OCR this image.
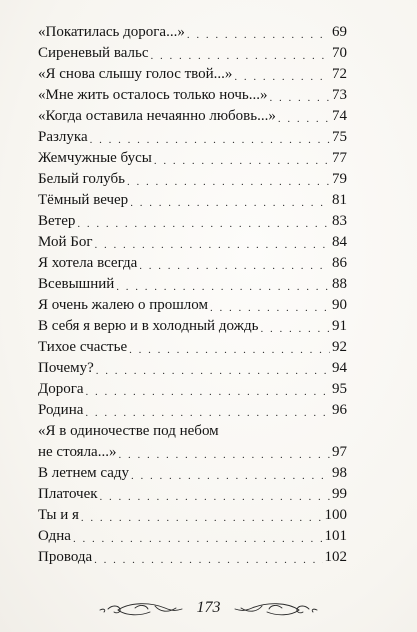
«Покатилась дорога...» . . .	69
Сиреневый вальс . . .	70
«Я снова слышу голос твой...» . . .	72
«Мне жить осталось только ночь...» . . .	73
«Когда оставила нечаянно любовь...» . . .	74
Разлука . . .	75
Жемчужные бусы . . .	77
Белый голубь . . .	79
Тёмный вечер . . .	81
Ветер . . .	83
Мой Бог . . .	84
Я хотела всегда . . .	86
Всевышний . . .	88
Я очень жалею о прошлом . . .	90
В себя я верю и в холодный дождь . . .	91
Тихое счастье . . .	92
Почему? . . .	94
Дорога . . .	95
Родина . . .	96
«Я в одиночестве под небом
не стояла...» . . .	97
В летнем саду . . .	98
Платочек . . .	99
Ты и я . . .	100
Одна . . .	101
Провода . . .	102
173
